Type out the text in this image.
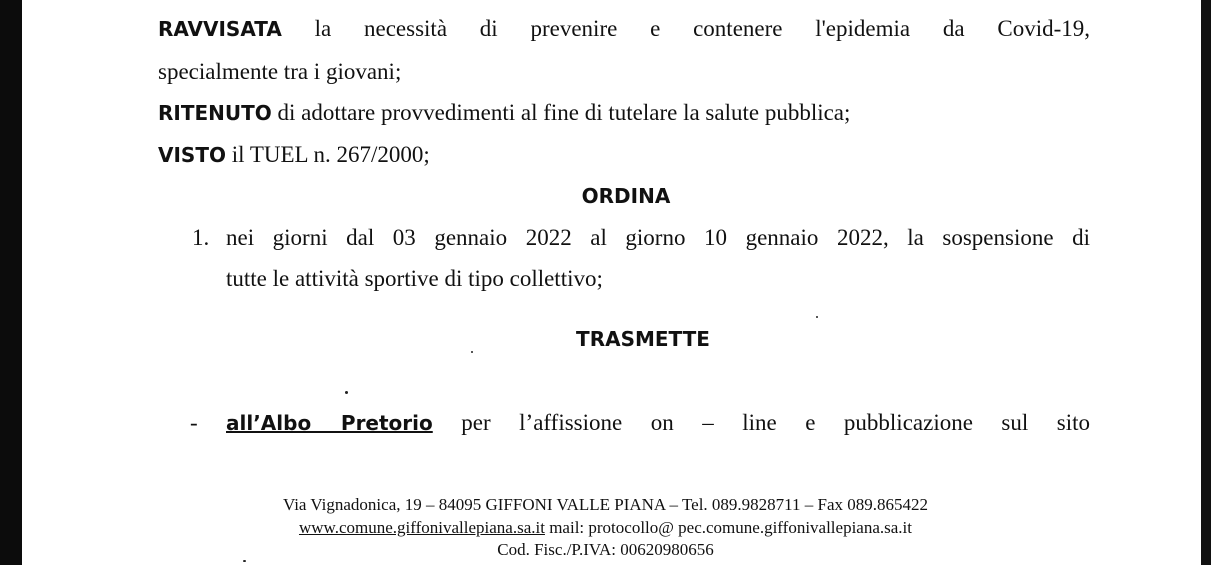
RAVVISATA la necessità di prevenire e contenere l'epidemia da Covid-19,
specialmente tra i giovani;
RITENUTO di adottare provvedimenti al fine di tutelare la salute pubblica;
VISTO il TUEL n. 267/2000;
ORDINA
1. nei giorni dal 03 gennaio 2022 al giorno 10 gennaio 2022, la sospensione di
tutte le attività sportive di tipo collettivo;
TRASMETTE
- all’Albo Pretorio per l’affissione on – line e pubblicazione sul sito
Via Vignadonica, 19 – 84095 GIFFONI VALLE PIANA – Tel. 089.9828711 – Fax 089.865422
www.comune.giffonivallepiana.sa.it mail: protocollo@ pec.comune.giffonivallepiana.sa.it
Cod. Fisc./P.IVA: 00620980656
